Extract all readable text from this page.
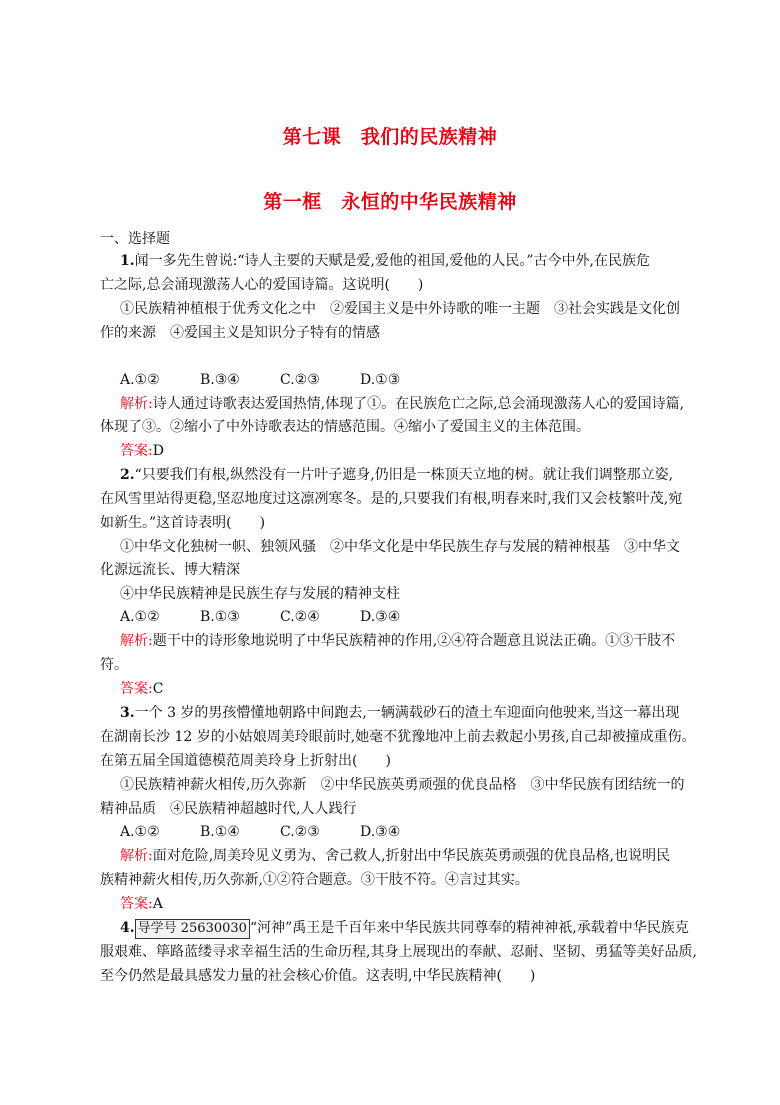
第七课　我们的民族精神
第一框　永恒的中华民族精神
一、选择题
1.闻一多先生曾说:“诗人主要的天赋是爱,爱他的祖国,爱他的人民。”古今中外,在民族危
亡之际,总会涌现激荡人心的爱国诗篇。这说明(　　)
①民族精神植根于优秀文化之中　②爱国主义是中外诗歌的唯一主题　③社会实践是文化创
作的来源　④爱国主义是知识分子特有的情感
A.①②	B.③④	C.②③	D.①③
解析:诗人通过诗歌表达爱国热情,体现了①。在民族危亡之际,总会涌现激荡人心的爱国诗篇,
体现了③。②缩小了中外诗歌表达的情感范围。④缩小了爱国主义的主体范围。
答案:D
2.“只要我们有根,纵然没有一片叶子遮身,仍旧是一株顶天立地的树。就让我们调整那立姿,
在风雪里站得更稳,坚忍地度过这凛冽寒冬。是的,只要我们有根,明春来时,我们又会枝繁叶茂,宛
如新生。”这首诗表明(　　)
①中华文化独树一帜、独领风骚　②中华文化是中华民族生存与发展的精神根基　③中华文
化源远流长、博大精深
④中华民族精神是民族生存与发展的精神支柱
A.①②	B.①③	C.②④	D.③④
解析:题干中的诗形象地说明了中华民族精神的作用,②④符合题意且说法正确。①③干肢不
符。
答案:C
3.一个 3 岁的男孩懵懂地朝路中间跑去,一辆满载砂石的渣土车迎面向他驶来,当这一幕出现
在湖南长沙 12 岁的小姑娘周美玲眼前时,她毫不犹豫地冲上前去救起小男孩,自己却被撞成重伤。
在第五届全国道德模范周美玲身上折射出(　　)
①民族精神薪火相传,历久弥新　②中华民族英勇顽强的优良品格　③中华民族有团结统一的
精神品质　④民族精神超越时代,人人践行
A.①②	B.①④	C.②③	D.③④
解析:面对危险,周美玲见义勇为、舍己救人,折射出中华民族英勇顽强的优良品格,也说明民
族精神薪火相传,历久弥新,①②符合题意。③干肢不符。④言过其实。
答案:A
4. 导学号 25630030 “河神”禹王是千百年来中华民族共同尊奉的精神神祇,承载着中华民族克
服艰难、筚路蓝缕寻求幸福生活的生命历程,其身上展现出的奉献、忍耐、坚韧、勇猛等美好品质,
至今仍然是最具感发力量的社会核心价值。这表明,中华民族精神(　　)
